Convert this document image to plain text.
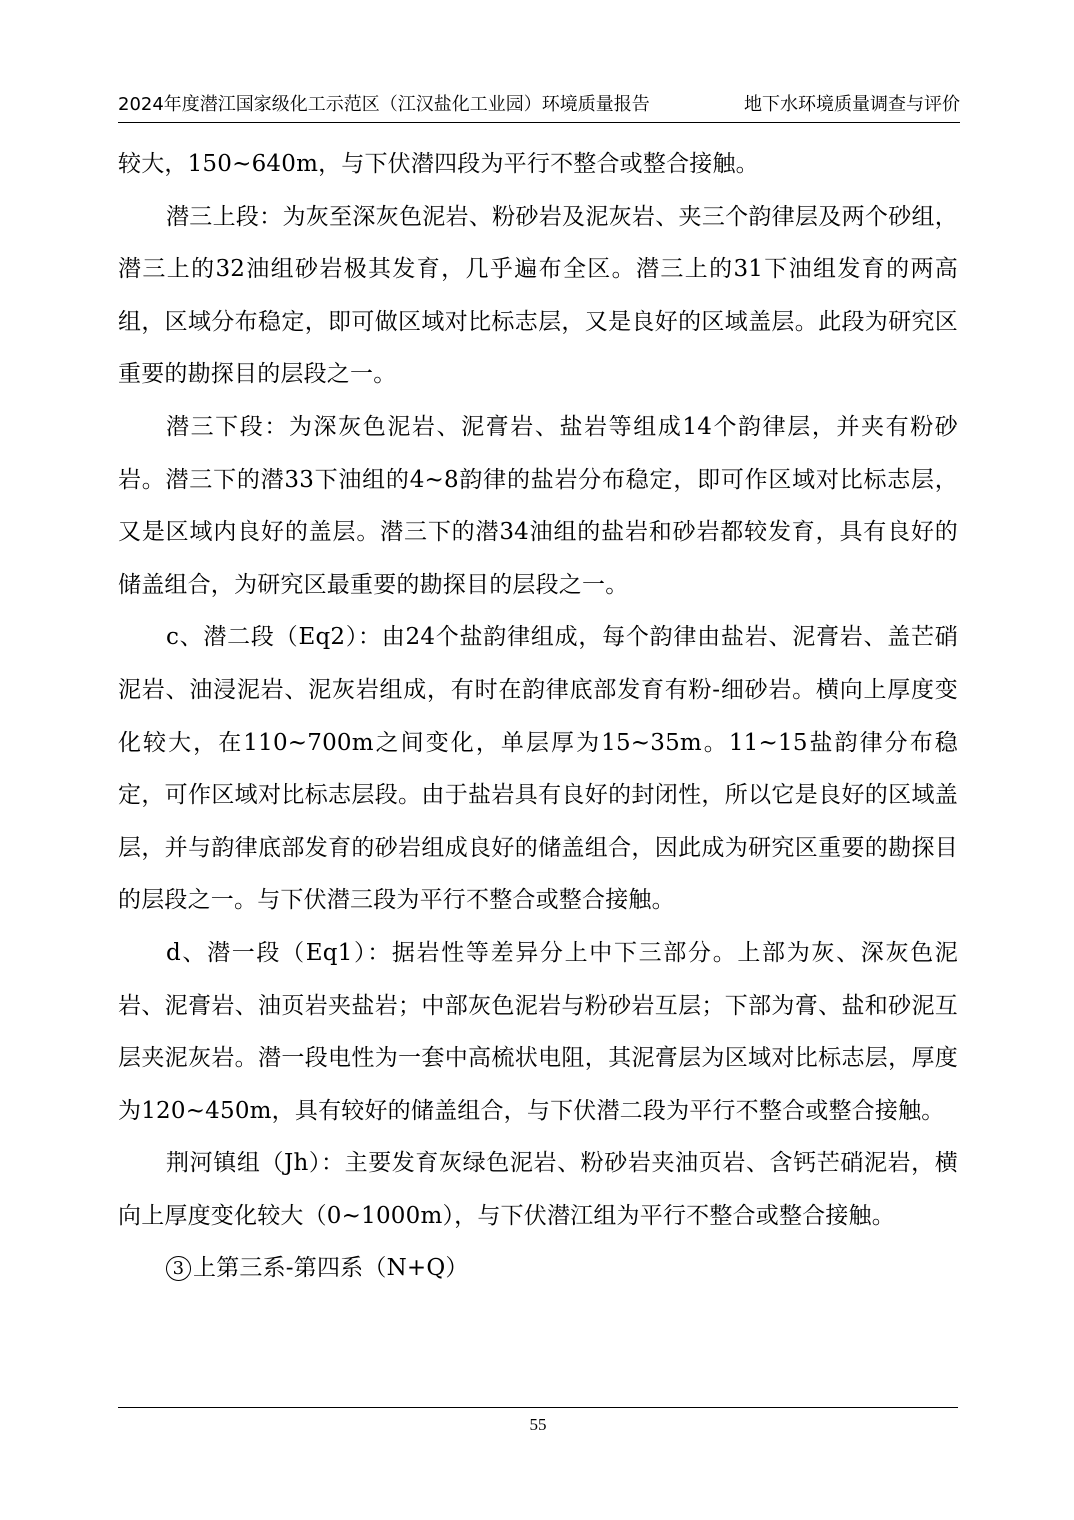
2024年度潜江国家级化工示范区（江汉盐化工业园）环境质量报告	地下水环境质量调查与评价

较大，150~640m，与下伏潜四段为平行不整合或整合接触。

潜三上段：为灰至深灰色泥岩、粉砂岩及泥灰岩、夹三个韵律层及两个砂组，潜三上的32油组砂岩极其发育，几乎遍布全区。潜三上的31下油组发育的两高组，区域分布稳定，即可做区域对比标志层，又是良好的区域盖层。此段为研究区重要的勘探目的层段之一。

潜三下段：为深灰色泥岩、泥膏岩、盐岩等组成14个韵律层，并夹有粉砂岩。潜三下的潜33下油组的4~8韵律的盐岩分布稳定，即可作区域对比标志层，又是区域内良好的盖层。潜三下的潜34油组的盐岩和砂岩都较发育，具有良好的储盖组合，为研究区最重要的勘探目的层段之一。

c、潜二段（Eq2）：由24个盐韵律组成，每个韵律由盐岩、泥膏岩、盖芒硝泥岩、油浸泥岩、泥灰岩组成，有时在韵律底部发育有粉-细砂岩。横向上厚度变化较大，在110~700m之间变化，单层厚为15~35m。11~15盐韵律分布稳定，可作区域对比标志层段。由于盐岩具有良好的封闭性，所以它是良好的区域盖层，并与韵律底部发育的砂岩组成良好的储盖组合，因此成为研究区重要的勘探目的层段之一。与下伏潜三段为平行不整合或整合接触。

d、潜一段（Eq1）：据岩性等差异分上中下三部分。上部为灰、深灰色泥岩、泥膏岩、油页岩夹盐岩；中部灰色泥岩与粉砂岩互层；下部为膏、盐和砂泥互层夹泥灰岩。潜一段电性为一套中高梳状电阻，其泥膏层为区域对比标志层，厚度为120~450m，具有较好的储盖组合，与下伏潜二段为平行不整合或整合接触。

荆河镇组（Jh）：主要发育灰绿色泥岩、粉砂岩夹油页岩、含钙芒硝泥岩，横向上厚度变化较大（0~1000m），与下伏潜江组为平行不整合或整合接触。

3 上第三系-第四系（N+Q）

55
